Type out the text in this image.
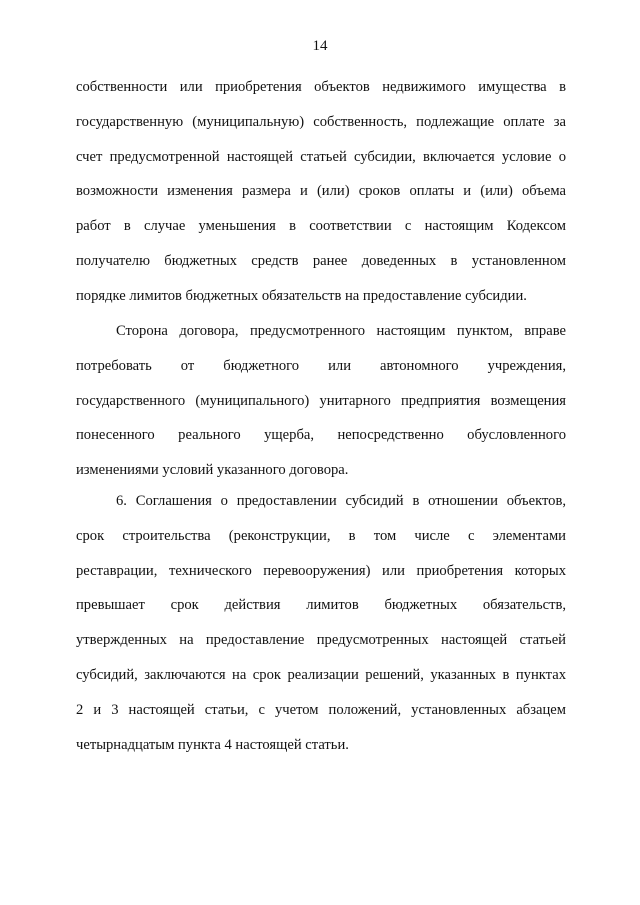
14
собственности или приобретения объектов недвижимого имущества в
государственную (муниципальную) собственность, подлежащие оплате за
счет предусмотренной настоящей статьей субсидии, включается условие о
возможности изменения размера и (или) сроков оплаты и (или) объема
работ в случае уменьшения в соответствии с настоящим Кодексом
получателю бюджетных средств ранее доведенных в установленном
порядке лимитов бюджетных обязательств на предоставление субсидии.
Сторона договора, предусмотренного настоящим пунктом, вправе
потребовать от бюджетного или автономного учреждения,
государственного (муниципального) унитарного предприятия возмещения
понесенного реального ущерба, непосредственно обусловленного
изменениями условий указанного договора.
6. Соглашения о предоставлении субсидий в отношении объектов,
срок строительства (реконструкции, в том числе с элементами
реставрации, технического перевооружения) или приобретения которых
превышает срок действия лимитов бюджетных обязательств,
утвержденных на предоставление предусмотренных настоящей статьей
субсидий, заключаются на срок реализации решений, указанных в пунктах
2 и 3 настоящей статьи, с учетом положений, установленных абзацем
четырнадцатым пункта 4 настоящей статьи.
